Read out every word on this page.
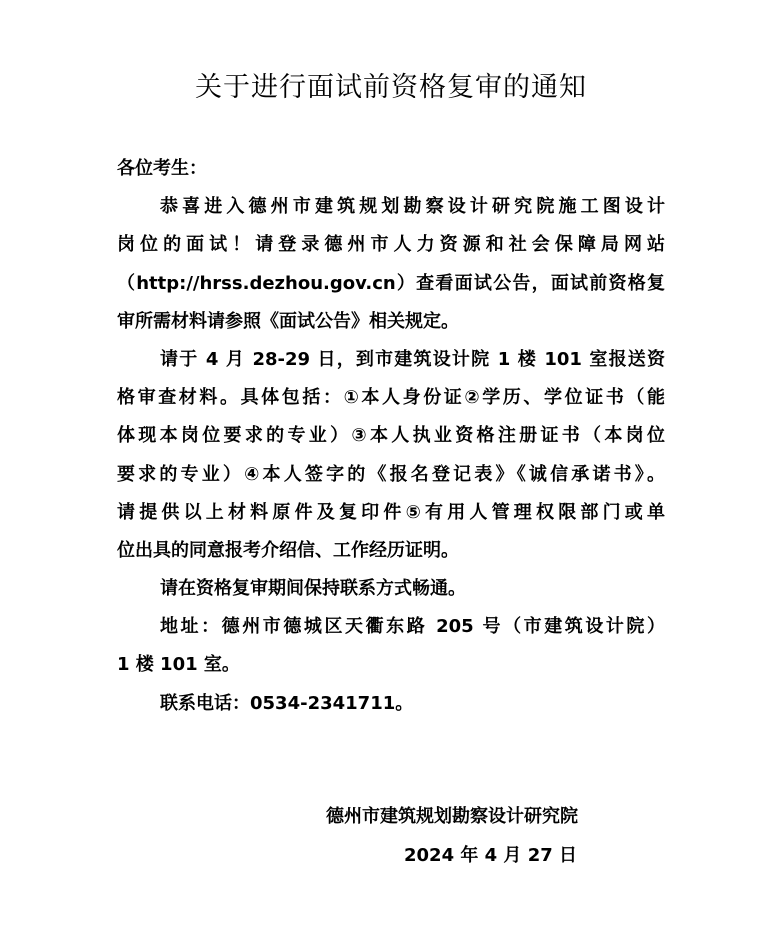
关于进行面试前资格复审的通知
各位考生：
恭喜进入德州市建筑规划勘察设计研究院施工图设计
岗位的面试！请登录德州市人力资源和社会保障局网站
（http://hrss.dezhou.gov.cn）查看面试公告，面试前资格复
审所需材料请参照《面试公告》相关规定。
请于 4 月 28-29 日，到市建筑设计院 1 楼 101 室报送资
格审查材料。具体包括：①本人身份证②学历、学位证书（能
体现本岗位要求的专业）③本人执业资格注册证书（本岗位
要求的专业）④本人签字的《报名登记表》《诚信承诺书》。
请提供以上材料原件及复印件⑤有用人管理权限部门或单
位出具的同意报考介绍信、工作经历证明。
请在资格复审期间保持联系方式畅通。
地址：德州市德城区天衢东路 205 号（市建筑设计院）
1 楼 101 室。
联系电话：0534-2341711。
德州市建筑规划勘察设计研究院
2024 年 4 月 27 日
